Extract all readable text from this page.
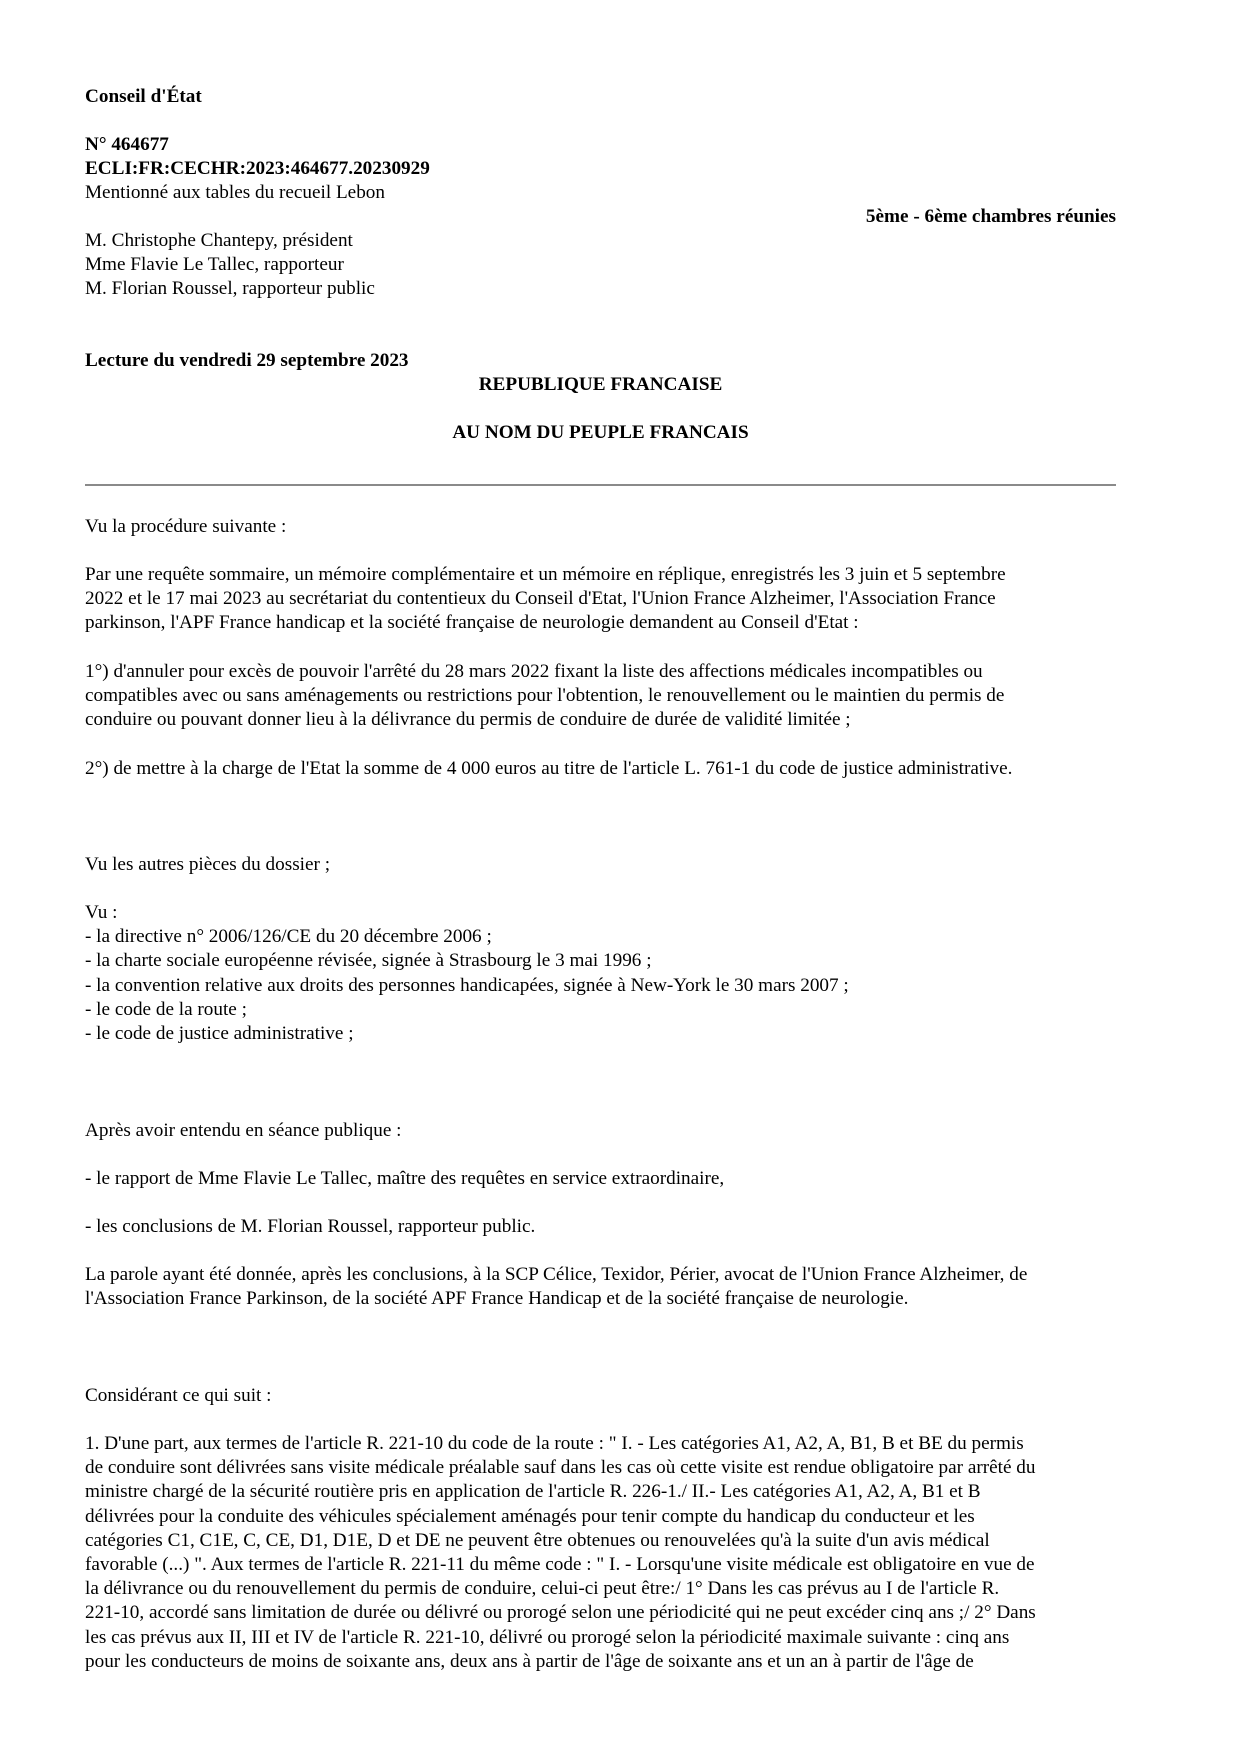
Conseil d'État
N° 464677
ECLI:FR:CECHR:2023:464677.20230929
Mentionné aux tables du recueil Lebon
5ème - 6ème chambres réunies
M. Christophe Chantepy, président
Mme Flavie Le Tallec, rapporteur
M. Florian Roussel, rapporteur public
Lecture du vendredi 29 septembre 2023
REPUBLIQUE FRANCAISE
AU NOM DU PEUPLE FRANCAIS
Vu la procédure suivante :
Par une requête sommaire, un mémoire complémentaire et un mémoire en réplique, enregistrés les 3 juin et 5 septembre
2022 et le 17 mai 2023 au secrétariat du contentieux du Conseil d'Etat, l'Union France Alzheimer, l'Association France
parkinson, l'APF France handicap et la société française de neurologie demandent au Conseil d'Etat :
1°) d'annuler pour excès de pouvoir l'arrêté du 28 mars 2022 fixant la liste des affections médicales incompatibles ou
compatibles avec ou sans aménagements ou restrictions pour l'obtention, le renouvellement ou le maintien du permis de
conduire ou pouvant donner lieu à la délivrance du permis de conduire de durée de validité limitée ;
2°) de mettre à la charge de l'Etat la somme de 4 000 euros au titre de l'article L. 761-1 du code de justice administrative.
Vu les autres pièces du dossier ;
Vu :
- la directive n° 2006/126/CE du 20 décembre 2006 ;
- la charte sociale européenne révisée, signée à Strasbourg le 3 mai 1996 ;
- la convention relative aux droits des personnes handicapées, signée à New-York le 30 mars 2007 ;
- le code de la route ;
- le code de justice administrative ;
Après avoir entendu en séance publique :
- le rapport de Mme Flavie Le Tallec, maître des requêtes en service extraordinaire,
- les conclusions de M. Florian Roussel, rapporteur public.
La parole ayant été donnée, après les conclusions, à la SCP Célice, Texidor, Périer, avocat de l'Union France Alzheimer, de
l'Association France Parkinson, de la société APF France Handicap et de la société française de neurologie.
Considérant ce qui suit :
1. D'une part, aux termes de l'article R. 221-10 du code de la route : " I. - Les catégories A1, A2, A, B1, B et BE du permis
de conduire sont délivrées sans visite médicale préalable sauf dans les cas où cette visite est rendue obligatoire par arrêté du
ministre chargé de la sécurité routière pris en application de l'article R. 226-1./ II.- Les catégories A1, A2, A, B1 et B
délivrées pour la conduite des véhicules spécialement aménagés pour tenir compte du handicap du conducteur et les
catégories C1, C1E, C, CE, D1, D1E, D et DE ne peuvent être obtenues ou renouvelées qu'à la suite d'un avis médical
favorable (...) ". Aux termes de l'article R. 221-11 du même code : " I. - Lorsqu'une visite médicale est obligatoire en vue de
la délivrance ou du renouvellement du permis de conduire, celui-ci peut être:/ 1° Dans les cas prévus au I de l'article R.
221-10, accordé sans limitation de durée ou délivré ou prorogé selon une périodicité qui ne peut excéder cinq ans ;/ 2° Dans
les cas prévus aux II, III et IV de l'article R. 221-10, délivré ou prorogé selon la périodicité maximale suivante : cinq ans
pour les conducteurs de moins de soixante ans, deux ans à partir de l'âge de soixante ans et un an à partir de l'âge de
